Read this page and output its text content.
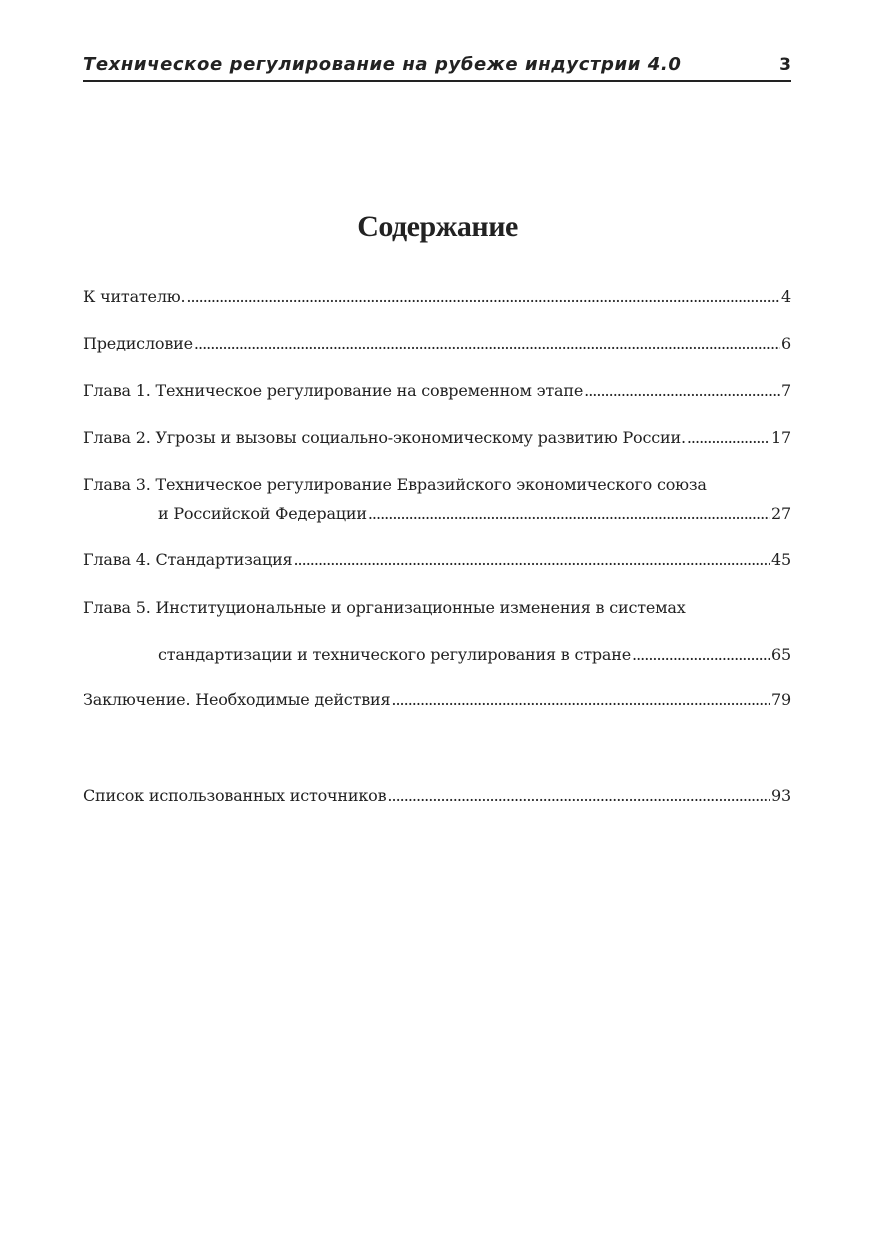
Техническое регулирование на рубеже индустрии 4.0	3
Содержание
К читателю. .....	4
Предисловие .....	6
Глава 1. Техническое регулирование на современном этапе .....	7
Глава 2. Угрозы и вызовы социально-экономическому развитию России. .....	17
Глава 3. Техническое регулирование Евразийского экономического союза
и Российской Федерации .....	27
Глава 4. Стандартизация .....	45
Глава 5. Институциональные и организационные изменения в системах
стандартизации и технического регулирования в стране .....	65
Заключение. Необходимые действия .....	79
Список использованных источников .....	93
